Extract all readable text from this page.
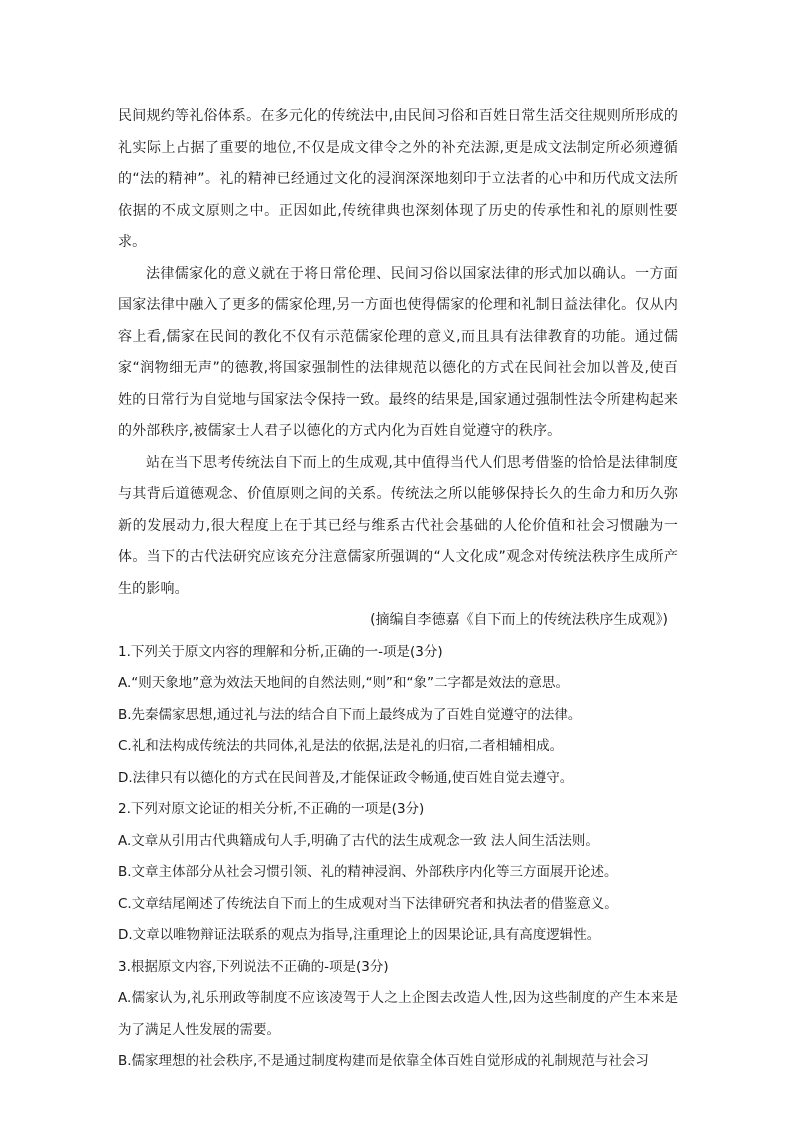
民间规约等礼俗体系。在多元化的传统法中,由民间习俗和百姓日常生活交往规则所形成的礼实际上占据了重要的地位,不仅是成文律令之外的补充法源,更是成文法制定所必须遵循的“法的精神”。礼的精神已经通过文化的浸润深深地刻印于立法者的心中和历代成文法所依据的不成文原则之中。正因如此,传统律典也深刻体现了历史的传承性和礼的原则性要求。

法律儒家化的意义就在于将日常伦理、民间习俗以国家法律的形式加以确认。一方面国家法律中融入了更多的儒家伦理,另一方面也使得儒家的伦理和礼制日益法律化。仅从内容上看,儒家在民间的教化不仅有示范儒家伦理的意义,而且具有法律教育的功能。通过儒家“润物细无声”的德教,将国家强制性的法律规范以德化的方式在民间社会加以普及,使百姓的日常行为自觉地与国家法令保持一致。最终的结果是,国家通过强制性法令所建构起来的外部秩序,被儒家士人君子以德化的方式内化为百姓自觉遵守的秩序。

站在当下思考传统法自下而上的生成观,其中值得当代人们思考借鉴的恰恰是法律制度与其背后道德观念、价值原则之间的关系。传统法之所以能够保持长久的生命力和历久弥新的发展动力,很大程度上在于其已经与维系古代社会基础的人伦价值和社会习惯融为一体。当下的古代法研究应该充分注意儒家所强调的“人文化成”观念对传统法秩序生成所产生的影响。

(摘编自李德嘉《自下而上的传统法秩序生成观》)

1.下列关于原文内容的理解和分析,正确的一-项是(3分)

A.“则天象地”意为效法天地间的自然法则,“则”和“象”二字都是效法的意思。

B.先秦儒家思想,通过礼与法的结合自下而上最终成为了百姓自觉遵守的法律。

C.礼和法构成传统法的共同体,礼是法的依据,法是礼的归宿,二者相辅相成。

D.法律只有以德化的方式在民间普及,才能保证政令畅通,使百姓自觉去遵守。

2.下列对原文论证的相关分析,不正确的一项是(3分)

A.文章从引用古代典籍成句人手,明确了古代的法生成观念一致 法人间生活法则。

B.文章主体部分从社会习惯引领、礼的精神浸润、外部秩序内化等三方面展开论述。

C.文章结尾阐述了传统法自下而上的生成观对当下法律研究者和执法者的借鉴意义。

D.文章以唯物辩证法联系的观点为指导,注重理论上的因果论证,具有高度逻辑性。

3.根据原文内容,下列说法不正确的-项是(3分)

A.儒家认为,礼乐刑政等制度不应该凌驾于人之上企图去改造人性,因为这些制度的产生本来是为了满足人性发展的需要。

B.儒家理想的社会秩序,不是通过制度构建而是依靠全体百姓自觉形成的礼制规范与社会习
